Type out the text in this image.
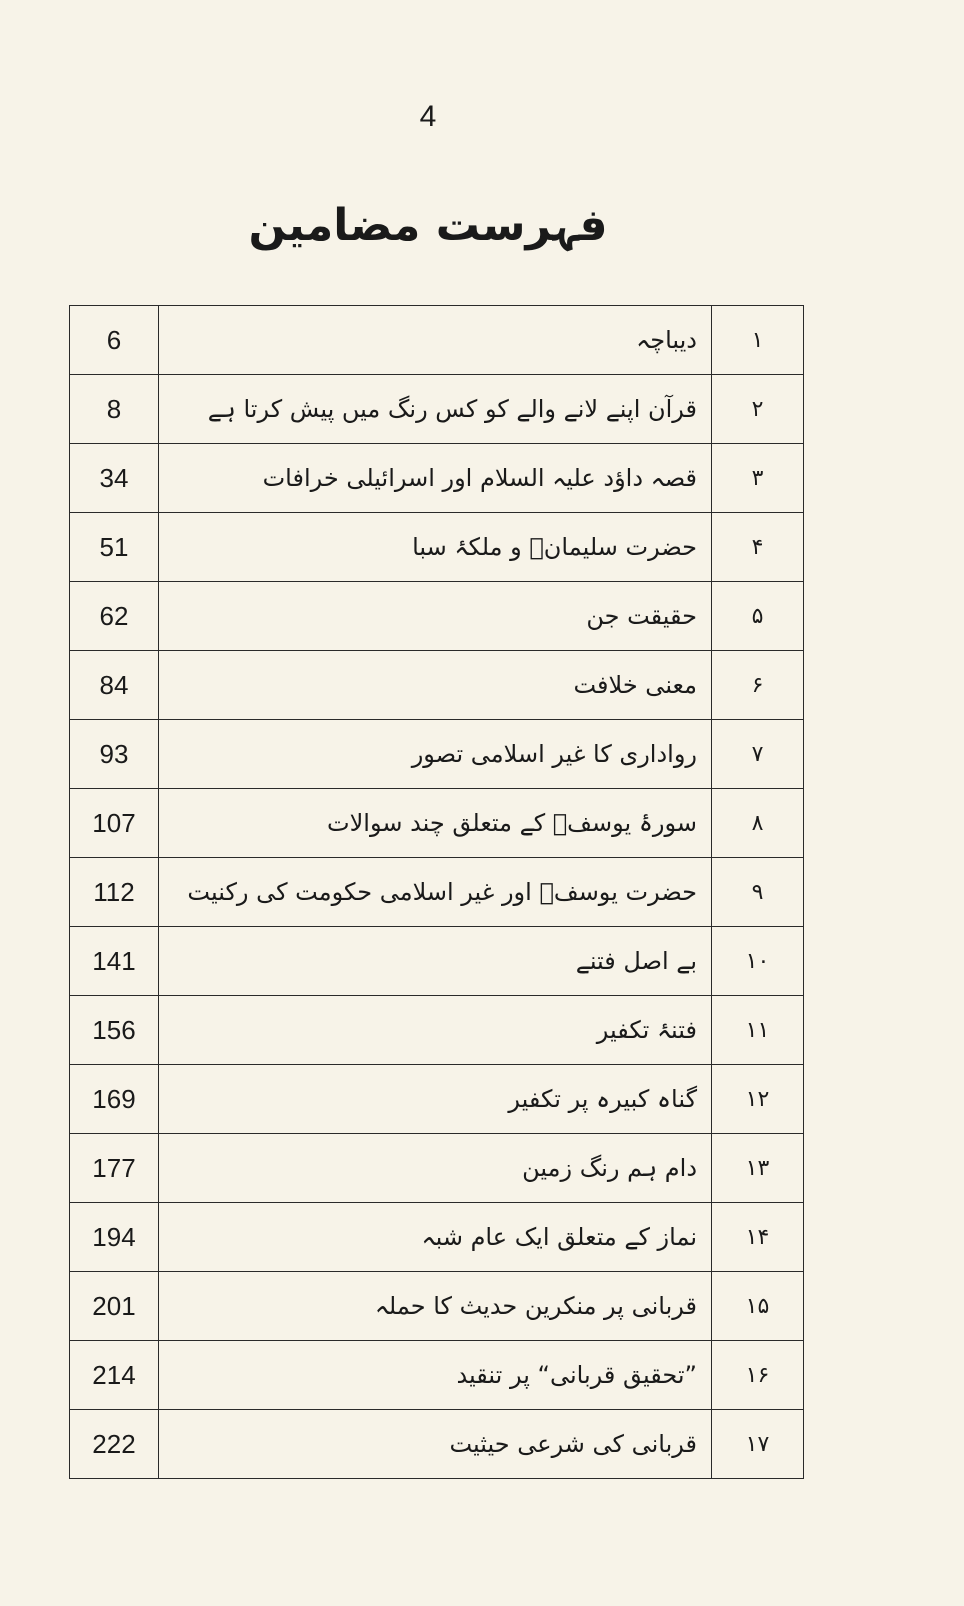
4
فہرست مضامین
6	دیباچہ	۱
8	قرآن اپنے لانے والے کو کس رنگ میں پیش کرتا ہے	۲
34	قصہ داؤد علیہ السلام اور اسرائیلی خرافات	۳
51	حضرت سلیمانؑ و ملکۂ سبا	۴
62	حقیقت جن	۵
84	معنی خلافت	۶
93	رواداری کا غیر اسلامی تصور	۷
107	سورۂ یوسفؑ کے متعلق چند سوالات	۸
112	حضرت یوسفؑ اور غیر اسلامی حکومت کی رکنیت	۹
141	بے اصل فتنے	۱۰
156	فتنۂ تکفیر	۱۱
169	گناہ کبیرہ پر تکفیر	۱۲
177	دام ہم رنگ زمین	۱۳
194	نماز کے متعلق ایک عام شبہ	۱۴
201	قربانی پر منکرین حدیث کا حملہ	۱۵
214	”تحقیق قربانی“ پر تنقید	۱۶
222	قربانی کی شرعی حیثیت	۱۷
